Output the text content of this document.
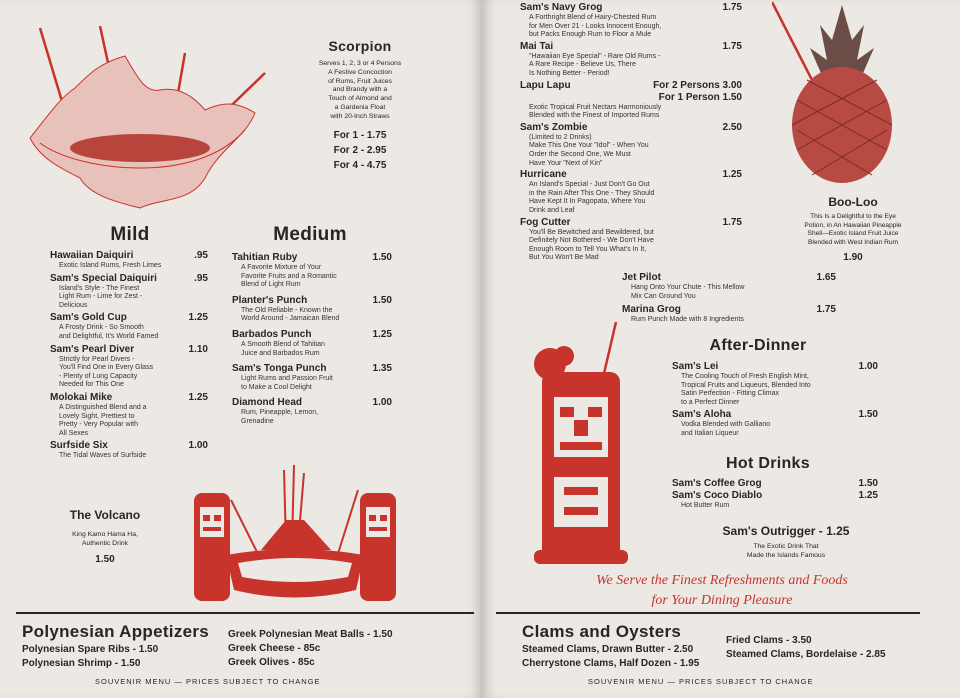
Scorpion
Serves 1, 2, 3 or 4 Persons
A Festive Concoction
of Rums, Fruit Juices
and Brandy with a
Touch of Almond and
a Gardenia Float
with 20-Inch Straws
For 1 - 1.75
For 2 - 2.95
For 4 - 4.75
Mild
Hawaiian Daiquiri	.95
Exotic Island Rums, Fresh Limes
Sam's Special Daiquiri	.95
Island's Style - The Finest
Light Rum - Lime for Zest -
Delicious
Sam's Gold Cup	1.25
A Frosty Drink - So Smooth
and Delightful, It's World Famed
Sam's Pearl Diver	1.10
Strictly for Pearl Divers -
You'll Find One in Every Glass
- Plenty of Lung Capacity
Needed for This One
Molokai Mike	1.25
A Distinguished Blend and a
Lovely Sight, Prettiest to
Pretty - Very Popular with
All Sexes
Surfside Six	1.00
The Tidal Waves of Surfside
Medium
Tahitian Ruby	1.50
A Favorite Mixture of Your
Favorite Fruits and a Romantic
Blend of Light Rum
Planter's Punch	1.50
The Old Reliable - Known the
World Around - Jamaican Blend
Barbados Punch	1.25
A Smooth Blend of Tahitian
Juice and Barbados Rum
Sam's Tonga Punch	1.35
Light Rums and Passion Fruit
to Make a Cool Delight
Diamond Head	1.00
Rum, Pineapple, Lemon,
Grenadine
The Volcano
King Kamo Hama Ha,
Authentic Drink
1.50
Polynesian Appetizers
Polynesian Spare Ribs - 1.50
Polynesian Shrimp - 1.50
Greek Polynesian Meat Balls - 1.50
Greek Cheese - 85c
Greek Olives - 85c
SOUVENIR MENU — PRICES SUBJECT TO CHANGE
Sam's Navy Grog	1.75
A Forthright Blend of Hairy-Chested Rum
for Men Over 21 - Looks Innocent Enough,
but Packs Enough Rum to Floor a Mule
Mai Tai	1.75
"Hawaiian Eye Special" - Rare Old Rums -
A Rare Recipe - Believe Us, There
Is Nothing Better - Period!
Lapu Lapu	For 2 Persons 3.00
For 1 Person 1.50
Exotic Tropical Fruit Nectars Harmoniously
Blended with the Finest of Imported Rums
Sam's Zombie	2.50
(Limited to 2 Drinks)
Make This One Your "Idol" - When You
Order the Second One, We Must
Have Your "Next of Kin"
Hurricane	1.25
An Island's Special - Just Don't Go Out
in the Rain After This One - They Should
Have Kept It In Pagopata, Where You
Drink and Leaf
Fog Cutter	1.75
You'll Be Bewitched and Bewildered, but
Definitely Not Bothered - We Don't Have
Enough Room to Tell You What's In It,
But You Won't Be Mad
Jet Pilot	1.65
Hang Onto Your Chute - This Mellow
Mix Can Ground You
Marina Grog	1.75
Rum Punch Made with 8 Ingredients
Boo-Loo
This Is a Delightful to the Eye
Potion, in An Hawaiian Pineapple
Shell—Exotic Island Fruit Juice
Blended with West Indian Rum
1.90
After-Dinner
Sam's Lei	1.00
The Cooling Touch of Fresh English Mint,
Tropical Fruits and Liqueurs, Blended Into
Satin Perfection - Fitting Climax
to a Perfect Dinner
Sam's Aloha	1.50
Vodka Blended with Galliano
and Italian Liqueur
Hot Drinks
Sam's Coffee Grog	1.50
Sam's Coco Diablo	1.25
Hot Butter Rum
Sam's Outrigger - 1.25
The Exotic Drink That
Made the Islands Famous
We Serve the Finest Refreshments and Foods
for Your Dining Pleasure
Clams and Oysters
Steamed Clams, Drawn Butter - 2.50
Cherrystone Clams, Half Dozen - 1.95
Fried Clams - 3.50
Steamed Clams, Bordelaise - 2.85
SOUVENIR MENU — PRICES SUBJECT TO CHANGE
